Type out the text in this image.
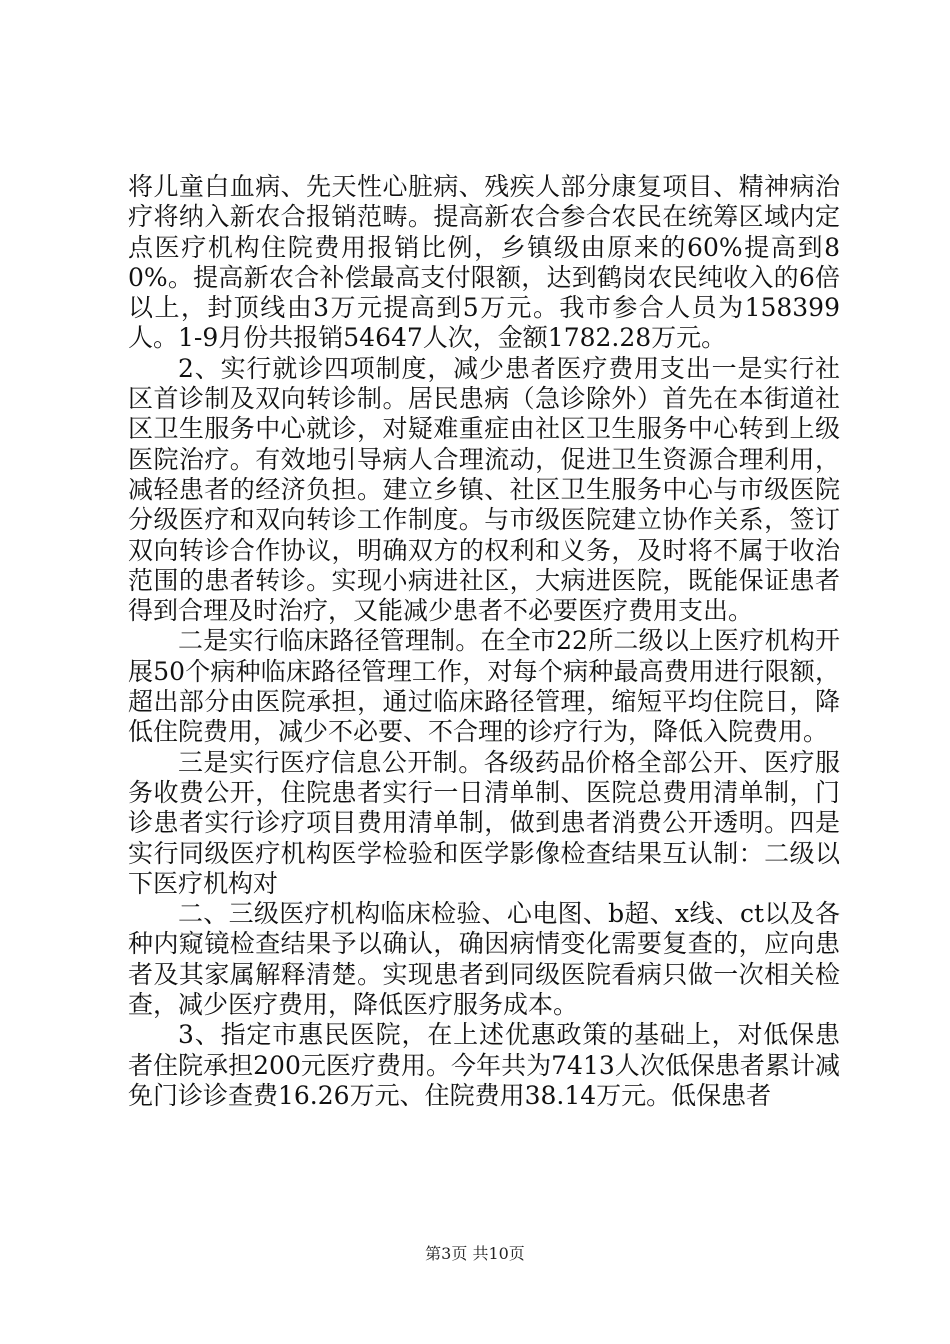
将儿童白血病、先天性心脏病、残疾人部分康复项目、精神病治疗将纳入新农合报销范畴。提高新农合参合农民在统筹区域内定点医疗机构住院费用报销比例，乡镇级由原来的60%提高到80%。提高新农合补偿最高支付限额，达到鹤岗农民纯收入的6倍以上，封顶线由3万元提高到5万元。我市参合人员为158399人。1-9月份共报销54647人次，金额1782.28万元。

2、实行就诊四项制度，减少患者医疗费用支出一是实行社区首诊制及双向转诊制。居民患病（急诊除外）首先在本街道社区卫生服务中心就诊，对疑难重症由社区卫生服务中心转到上级医院治疗。有效地引导病人合理流动，促进卫生资源合理利用，减轻患者的经济负担。建立乡镇、社区卫生服务中心与市级医院分级医疗和双向转诊工作制度。与市级医院建立协作关系，签订双向转诊合作协议，明确双方的权利和义务，及时将不属于收治范围的患者转诊。实现小病进社区，大病进医院，既能保证患者得到合理及时治疗，又能减少患者不必要医疗费用支出。

二是实行临床路径管理制。在全市22所二级以上医疗机构开展50个病种临床路径管理工作，对每个病种最高费用进行限额，超出部分由医院承担，通过临床路径管理，缩短平均住院日，降低住院费用，减少不必要、不合理的诊疗行为，降低入院费用。

三是实行医疗信息公开制。各级药品价格全部公开、医疗服务收费公开，住院患者实行一日清单制、医院总费用清单制，门诊患者实行诊疗项目费用清单制，做到患者消费公开透明。四是实行同级医疗机构医学检验和医学影像检查结果互认制：二级以下医疗机构对

二、三级医疗机构临床检验、心电图、b超、x线、ct以及各种内窥镜检查结果予以确认，确因病情变化需要复查的，应向患者及其家属解释清楚。实现患者到同级医院看病只做一次相关检查，减少医疗费用，降低医疗服务成本。

3、指定市惠民医院，在上述优惠政策的基础上，对低保患者住院承担200元医疗费用。今年共为7413人次低保患者累计减免门诊诊查费16.26万元、住院费用38.14万元。低保患者

第3页 共10页
